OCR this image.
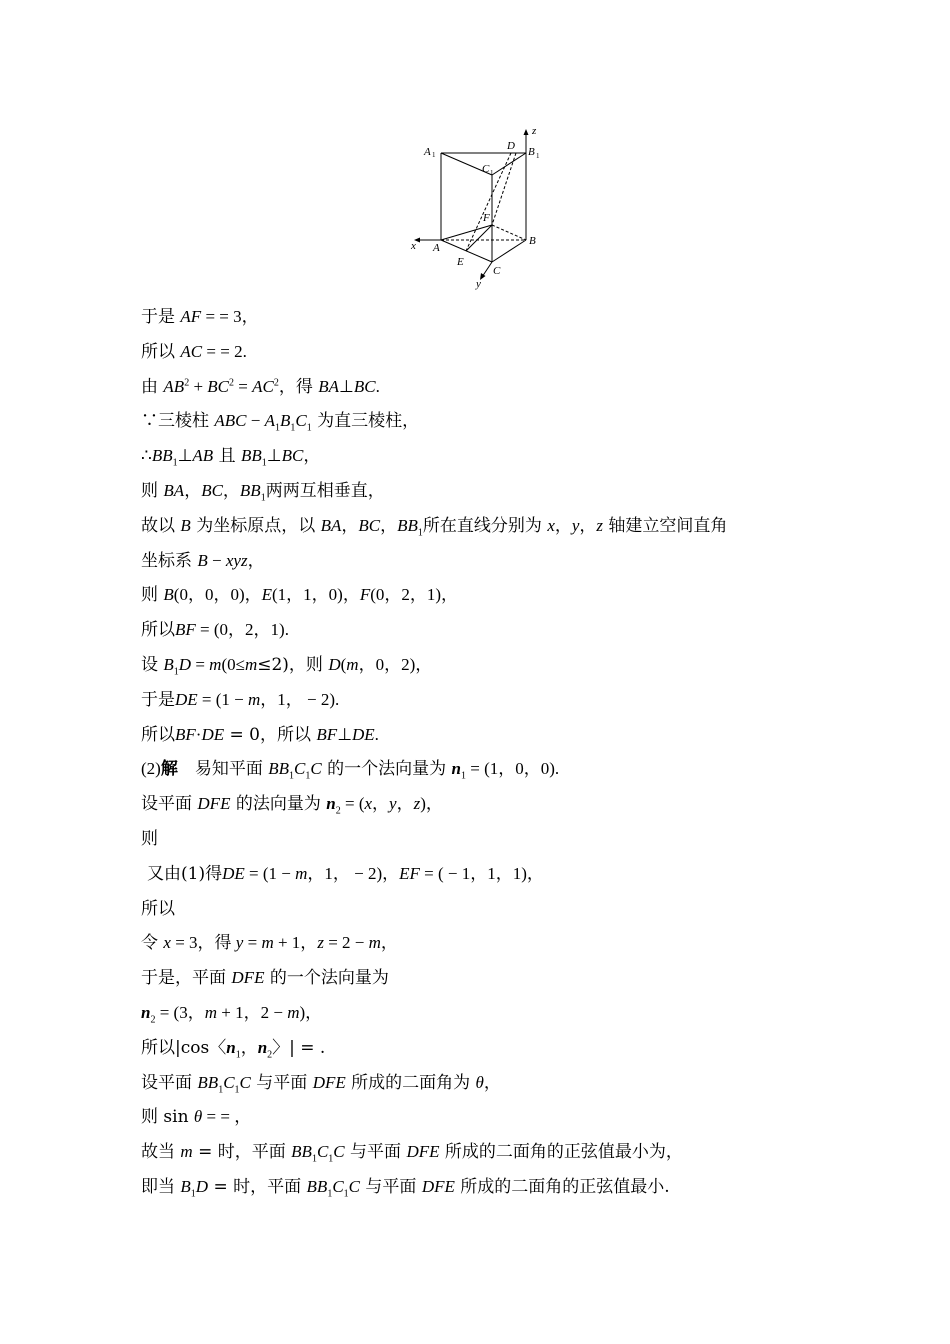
A 1
D B 1
C 1
F
A
B
C
E
x
y
z
于是 AF = = 3，
所以 AC = = 2.
由 $AB^2 + BC^2 = AC^2$，得 BA⊥BC.
∵三棱柱 ABC − $A_1B_1C_1$ 为直三棱柱，
$\therefore BB_1\perp AB$ 且 $BB_1\perp BC$，
则 BA，BC，$BB_1$两两互相垂直，
故以 B 为坐标原点，以 BA，BC，$BB_1$所在直线分别为 x，y，z 轴建立空间直角
坐标系 B − xyz，
则 B(0，0，0)，E(1，1，0)，F(0，2，1)，
所以BF = (0，2，1).
设 $B_1D = m(0\le m\le 2)$，则 D(m，0，2)，
于是DE = (1 − m，1， − 2).
所以BF·DE = 0，所以 BF⊥DE.
(2)解　易知平面 $BB_1C_1C$ 的一个法向量为 $n_1 = (1$，0，0).
设平面 DFE 的法向量为 $n_2 = (x$，y，z)，
则
又由(1)得DE = (1 − m，1， − 2)，EF = ( − 1，1，1)，
所以
令 x = 3，得 y = m + 1，z = 2 − m，
于是，平面 DFE 的一个法向量为
$n_2 = (3$，m + 1，2 − m)，
所以|cos〈$n_1$，$n_2$〉| = .
设平面 $BB_1C_1C$ 与平面 DFE 所成的二面角为 θ，
则 sin θ = = ，
故当 m = 时，平面 $BB_1C_1C$ 与平面 DFE 所成的二面角的正弦值最小为，
即当 $B_1D$ = 时，平面 $BB_1C_1C$ 与平面 DFE 所成的二面角的正弦值最小.
